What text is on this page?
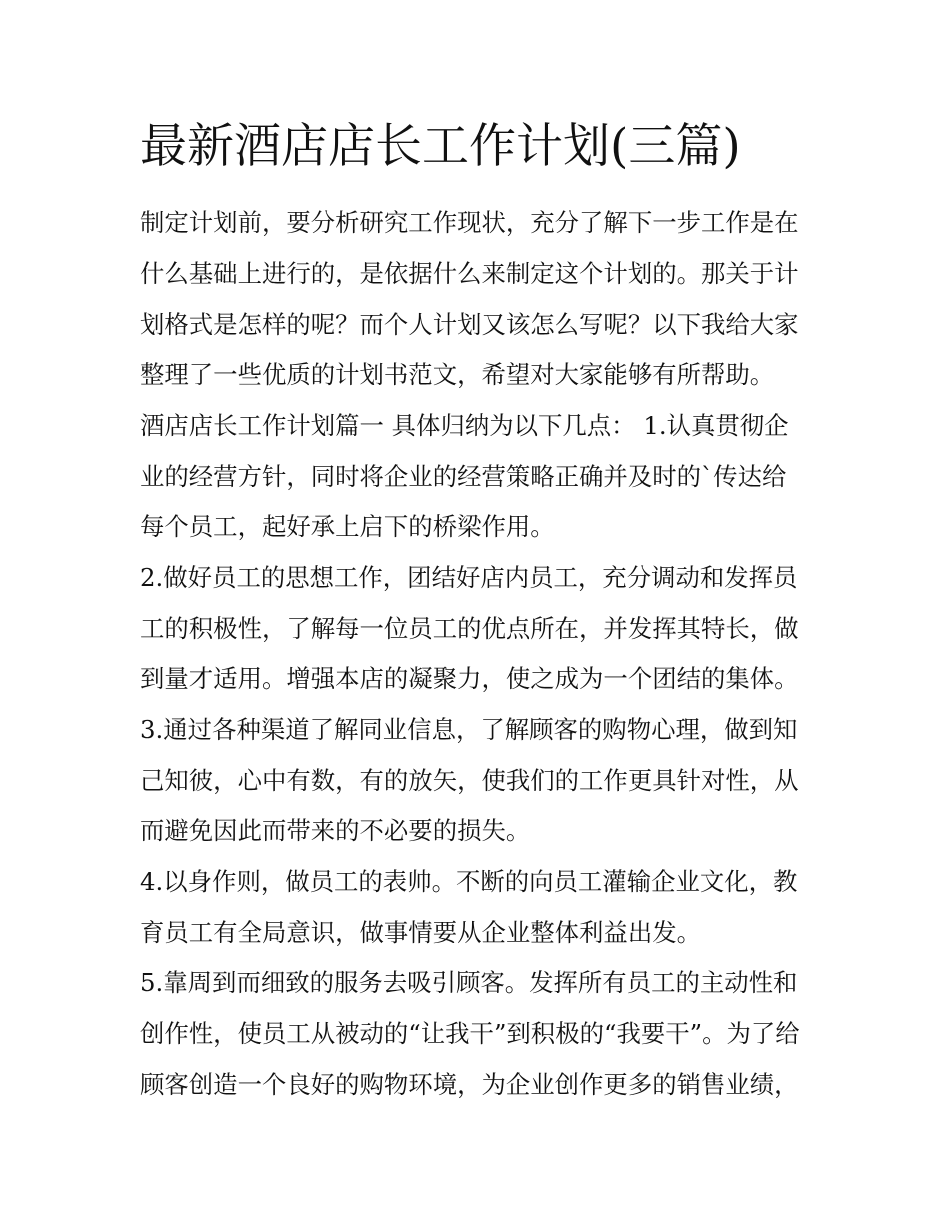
最新酒店店长工作计划(三篇)

制定计划前，要分析研究工作现状，充分了解下一步工作是在

什么基础上进行的，是依据什么来制定这个计划的。那关于计

划格式是怎样的呢？而个人计划又该怎么写呢？以下我给大家

整理了一些优质的计划书范文，希望对大家能够有所帮助。

酒店店长工作计划篇一 具体归纳为以下几点： 1.认真贯彻企

业的经营方针，同时将企业的经营策略正确并及时的`传达给

每个员工，起好承上启下的桥梁作用。

2.做好员工的思想工作，团结好店内员工，充分调动和发挥员

工的积极性，了解每一位员工的优点所在，并发挥其特长，做

到量才适用。增强本店的凝聚力，使之成为一个团结的集体。

3.通过各种渠道了解同业信息，了解顾客的购物心理，做到知

己知彼，心中有数，有的放矢，使我们的工作更具针对性，从

而避免因此而带来的不必要的损失。

4.以身作则，做员工的表帅。不断的向员工灌输企业文化，教

育员工有全局意识，做事情要从企业整体利益出发。

5.靠周到而细致的服务去吸引顾客。发挥所有员工的主动性和

创作性，使员工从被动的“让我干”到积极的“我要干”。为了给

顾客创造一个良好的购物环境，为企业创作更多的销售业绩，
